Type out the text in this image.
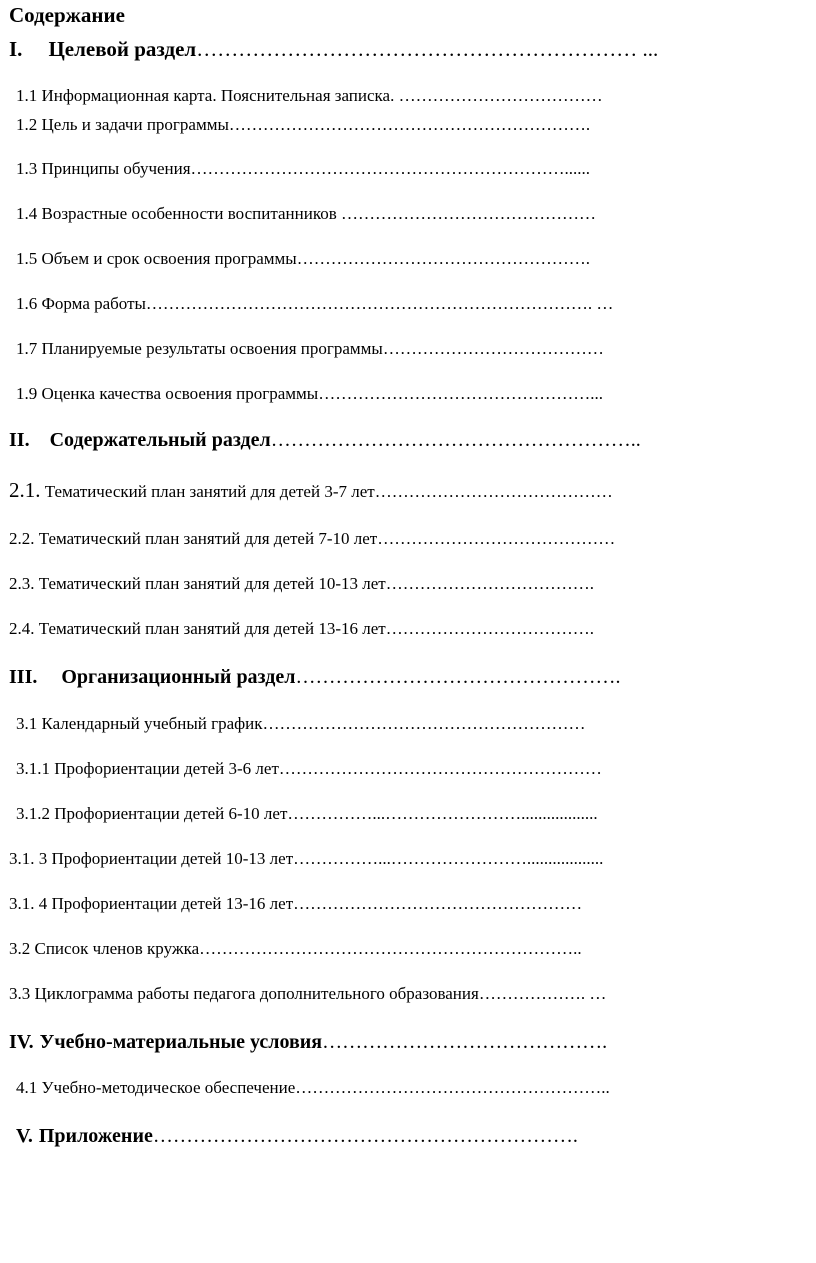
Содержание
I. Целевой раздел……………………………………………………… ...
1.1 Информационная карта. Пояснительная записка. ………………………………
1.2 Цель и задачи программы……………………………………………………….
1.3 Принципы обучения…………………………………………………………......
1.4 Возрастные особенности воспитанников ………………………………………
1.5 Объем и срок освоения программы…………………………………………….
1.6 Форма работы……………………………………………………………………. …
1.7 Планируемые результаты освоения программы…………………………………
1.9 Оценка качества освоения программы…………………………………………...
II. Содержательный раздел………………………………………………..
2.1. Тематический план занятий для детей 3-7 лет……………………………………
2.2. Тематический план занятий для детей 7-10 лет……………………………………
2.3. Тематический план занятий для детей 10-13 лет……………………………….
2.4. Тематический план занятий для детей 13-16 лет……………………………….
III. Организационный раздел………………………………………….
3.1 Календарный учебный график…………………………………………………
3.1.1 Профориентации детей 3-6 лет…………………………………………………
3.1.2 Профориентации детей 6-10 лет……………...……………………..................
3.1. 3 Профориентации детей 10-13 лет……………...……………………..................
3.1. 4 Профориентации детей 13-16 лет……………………………………………
3.2 Список членов кружка…………………………………………………………..
3.3 Циклограмма работы педагога дополнительного образования………………. …
IV. Учебно-материальные условия…………………………………….
4.1 Учебно-методическое обеспечение………………………………………………..
V. Приложение……………………………………………………….
